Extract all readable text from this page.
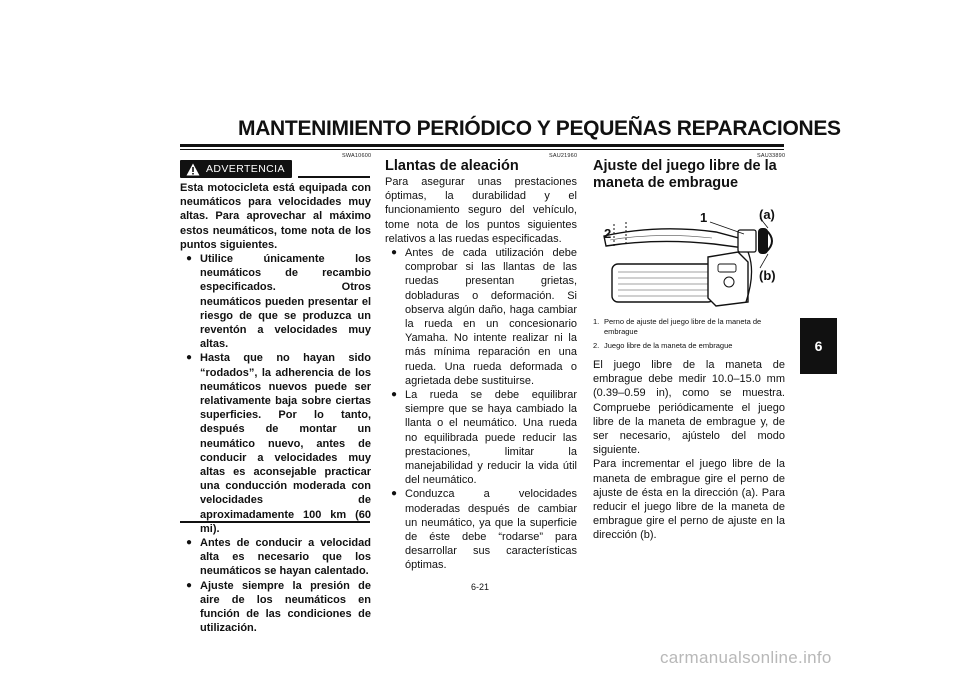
MANTENIMIENTO PERIÓDICO Y PEQUEÑAS REPARACIONES
6
SWA10600
ADVERTENCIA
Esta motocicleta está equipada con neumáticos para velocidades muy altas. Para aprovechar al máximo estos neumáticos, tome nota de los puntos siguientes.
● Utilice únicamente los neumáticos de recambio especificados. Otros neumáticos pueden presentar el riesgo de que se produzca un reventón a velocidades muy altas.
● Hasta que no hayan sido “rodados”, la adherencia de los neumáticos nuevos puede ser relativamente baja sobre ciertas superficies. Por lo tanto, después de montar un neumático nuevo, antes de conducir a velocidades muy altas es aconsejable practicar una conducción moderada con velocidades de aproximadamente 100 km (60 mi).
● Antes de conducir a velocidad alta es necesario que los neumáticos se hayan calentado.
● Ajuste siempre la presión de aire de los neumáticos en función de las condiciones de utilización.
SAU21960
Llantas de aleación
Para asegurar unas prestaciones óptimas, la durabilidad y el funcionamiento seguro del vehículo, tome nota de los puntos siguientes relativos a las ruedas especificadas.
● Antes de cada utilización debe comprobar si las llantas de las ruedas presentan grietas, dobladuras o deformación. Si observa algún daño, haga cambiar la rueda en un concesionario Yamaha. No intente realizar ni la más mínima reparación en una rueda. Una rueda deformada o agrietada debe sustituirse.
● La rueda se debe equilibrar siempre que se haya cambiado la llanta o el neumático. Una rueda no equilibrada puede reducir las prestaciones, limitar la manejabilidad y reducir la vida útil del neumático.
● Conduzca a velocidades moderadas después de cambiar un neumático, ya que la superficie de éste debe “rodarse” para desarrollar sus características óptimas.
SAU33890
Ajuste del juego libre de la maneta de embrague
1
2
(a)
(b)
1. Perno de ajuste del juego libre de la maneta de embrague
2. Juego libre de la maneta de embrague
El juego libre de la maneta de embrague debe medir 10.0–15.0 mm (0.39–0.59 in), como se muestra. Compruebe periódicamente el juego libre de la maneta de embrague y, de ser necesario, ajústelo del modo siguiente.
Para incrementar el juego libre de la maneta de embrague gire el perno de ajuste de ésta en la dirección (a). Para reducir el juego libre de la maneta de embrague gire el perno de ajuste en la dirección (b).
6-21
carmanualsonline.info
